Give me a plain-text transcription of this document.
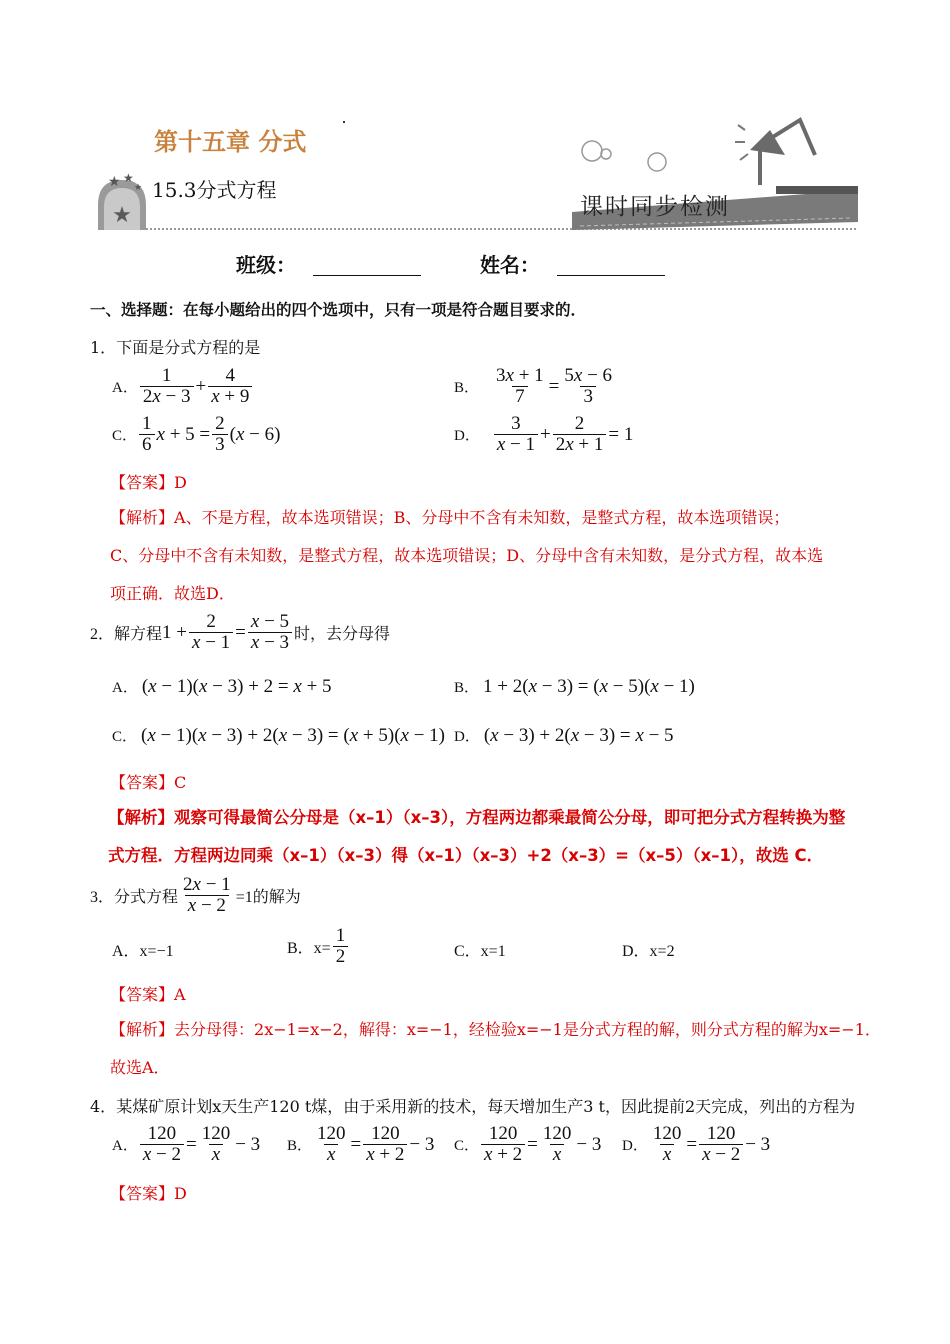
★
★ ★
★
第十五章 分式
15.3分式方程
课时同步检测
班级：	姓名：
一、选择题：在每小题给出的四个选项中，只有一项是符合题目要求的．
1．下面是分式方程的是
A． $\frac{1}{2x - 3} + \frac{4}{x + 9}$	B． $\frac{3x + 1}{7} = \frac{5x - 6}{3}$
C． $\frac{1}{6}$ $x + 5 = \frac{2}{3} (x - 6)$	D． $\frac{3}{x - 1} + \frac{2}{2x + 1} = 1$
【答案】D
【解析】A、不是方程，故本选项错误；B、分母中不含有未知数，是整式方程，故本选项错误；
C、分母中不含有未知数，是整式方程，故本选项错误；D、分母中含有未知数，是分式方程，故本选
项正确．故选D．
2． 解方程 $1 + \frac{2}{x - 1} = \frac{x - 5}{x - 3}$ 时，去分母得
A． (x − 1)(x − 3) + 2 = x + 5	B． 1 + 2(x − 3) = (x − 5)(x − 1)
C． (x − 1)(x − 3) + 2(x − 3) = (x + 5)(x − 1) D． (x − 3) + 2(x − 3) = x − 5
【答案】C
【解析】观察可得最简公分母是（x–1）（x–3），方程两边都乘最简公分母，即可把分式方程转换为整
式方程．方程两边同乘（x–1）（x–3）得（x–1）（x–3）+2（x–3）=（x–5）（x–1），故选 C．
3． 分式方程 $\frac{2x - 1}{x - 2} =1$的解为
A．x=−1	B．$x= \frac{1}{2}$	C．x=1	D．x=2
【答案】A
【解析】去分母得：2x−1=x−2，解得：x=−1，经检验x=−1是分式方程的解，则分式方程的解为x=−1．
故选A．
4．某煤矿原计划x天生产120 t煤，由于采用新的技术，每天增加生产3 t，因此提前2天完成，列出的方程为
A． $\frac{120}{x - 2} = \frac{120}{x} - 3$ B． $\frac{120}{x} = \frac{120}{x + 2} - 3$ C． $\frac{120}{x + 2} = \frac{120}{x} - 3$ D． $\frac{120}{x} = \frac{120}{x - 2} - 3$
【答案】D
